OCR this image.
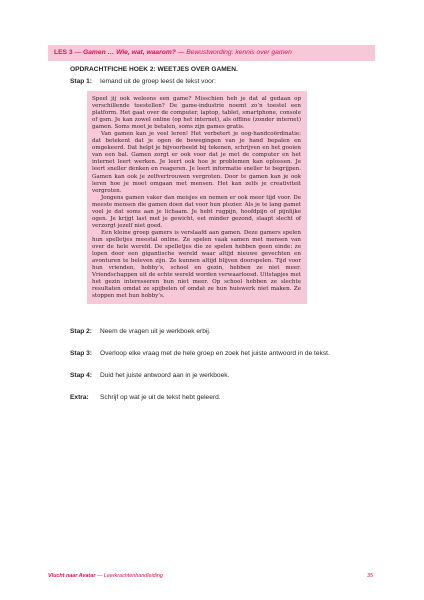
LES 3 — Gamen … Wie, wat, waarom? — Bewustwording: kennis over gamen
OPDRACHTFICHE HOEK 2: WEETJES OVER GAMEN.
Stap 1: Iemand uit de groep leest de tekst voor:

Speel jij ook weleens een game? Misschien heb je dat al gedaan op verschillende toestellen? De game-industrie noemt zo’n toestel een platform. Het gaat over de computer, laptop, tablet, smartphone, console of gsm. Je kan zowel online (op het internet), als offline (zonder internet) gamen. Soms moet je betalen, soms zijn games gratis.

Van gamen kan je veel leren! Het verbetert je oog-handcoördinatie: dat betekent dat je ogen de bewegingen van je hand bepalen en omgekeerd. Dat helpt je bijvoorbeeld bij tekenen, schrijven en het gooien van een bal. Gamen zorgt er ook voor dat je met de computer en het internet leert werken. Je leert ook hoe je problemen kan oplossen. Je leert sneller denken en reageren. Je leert informatie sneller te begrijpen. Gamen kan ook je zelfvertrouwen vergroten. Door te gamen kan je ook leren hoe je moet omgaan met mensen. Het kan zelfs je creativiteit vergroten.

Jongens gamen vaker dan meisjes en nemen er ook meer tijd voor. De meeste mensen die gamen doen dat voor hun plezier. Als je te lang gamet voel je dat soms aan je lichaam. Je hebt rugpijn, hoofdpijn of pijnlijke ogen. Je krijgt last met je gewicht, eet minder gezond, slaapt slecht of verzorgt jezelf niet goed.

Een kleine groep gamers is verslaafd aan gamen. Deze gamers spelen hun spelletjes meestal online. Ze spelen vaak samen met mensen van over de hele wereld. De spelletjes die ze spelen hebben geen einde: ze lopen door een gigantische wereld waar altijd nieuwe gevechten en avonturen te beleven zijn. Ze kunnen altijd blijven doorspelen. Tijd voor hun vrienden, hobby’s, school en gezin, hebben ze niet meer. Vriendschappen uit de echte wereld worden verwaarloosd. Uitstapjes met het gezin interesseren hun niet meer. Op school hebben ze slechte resultaten omdat ze spijbelen of omdat ze hun huiswerk niet maken. Ze stoppen met hun hobby’s.

Stap 2: Neem de vragen uit je werkboek erbij.
Stap 3: Overloop elke vraag met de hele groep en zoek het juiste antwoord in de tekst.
Stap 4: Duid het juiste antwoord aan in je werkboek.
Extra: Schrijf op wat je uit de tekst hebt geleerd.
Vlucht naar Avatar — Leerkrachtenhandleiding	35
